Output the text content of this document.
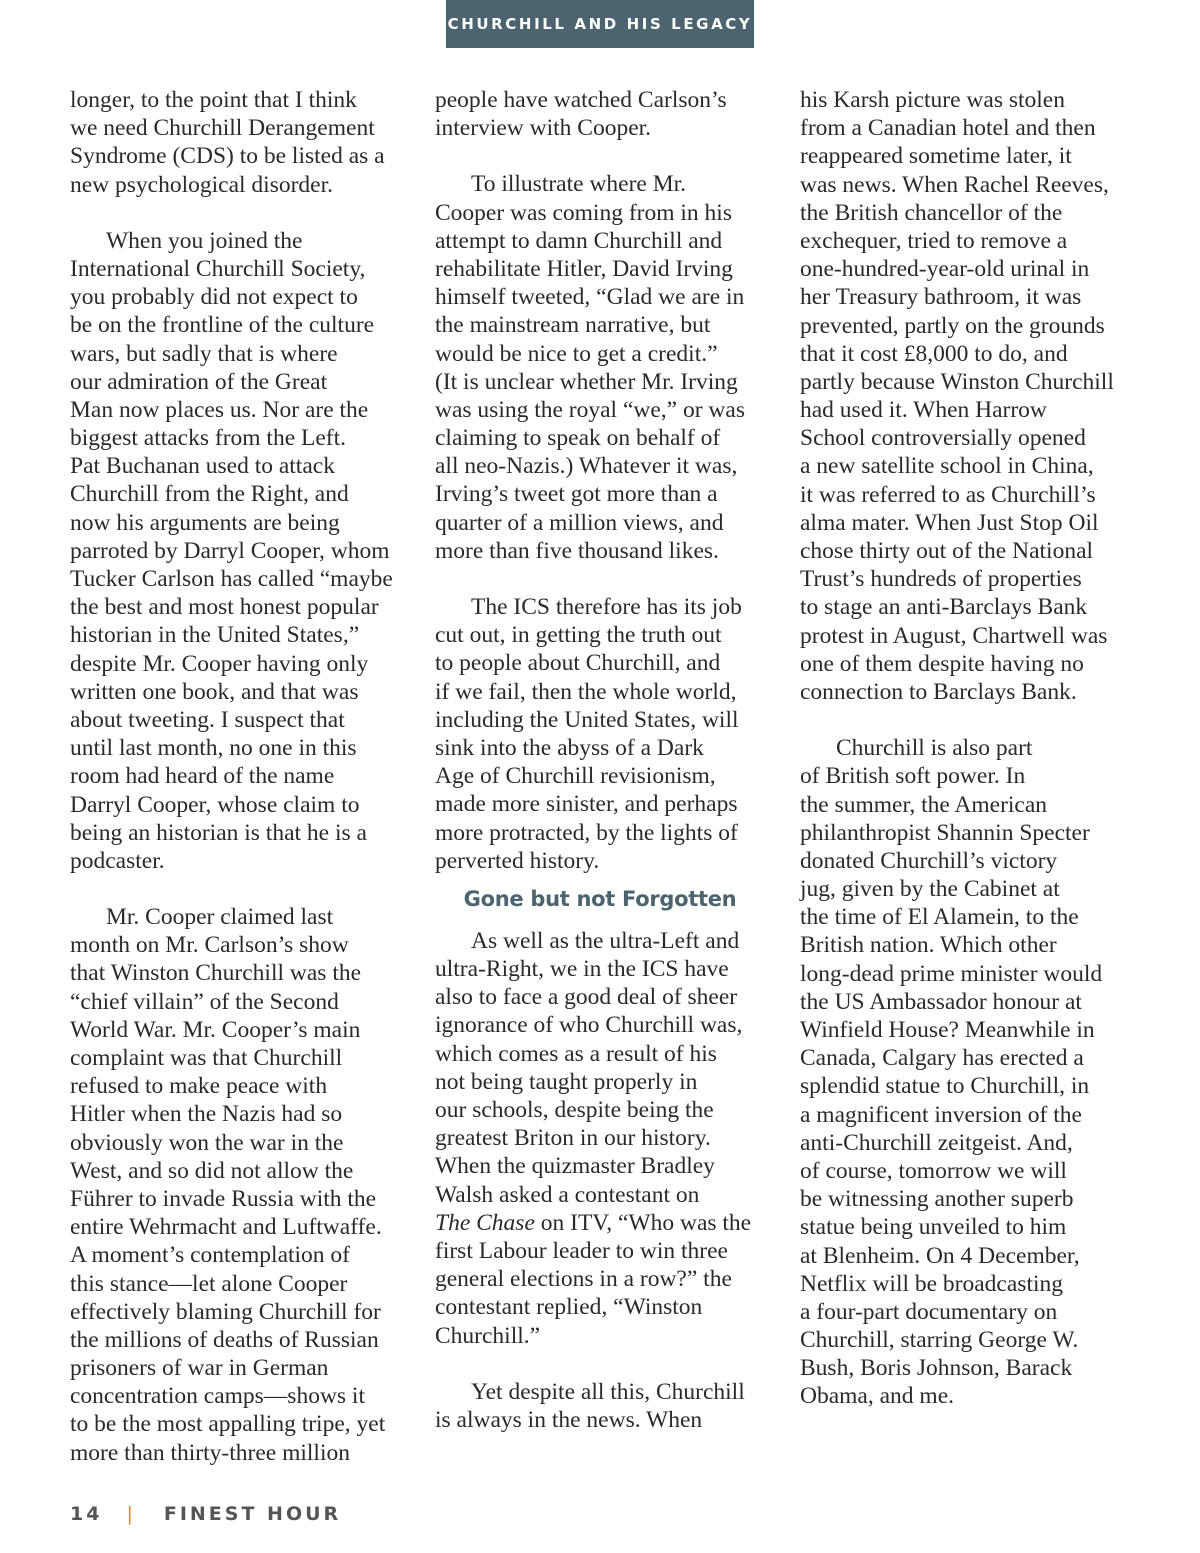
CHURCHILL AND HIS LEGACY
longer, to the point that I think
we need Churchill Derangement
Syndrome (CDS) to be listed as a
new psychological disorder.
When you joined the
International Churchill Society,
you probably did not expect to
be on the frontline of the culture
wars, but sadly that is where
our admiration of the Great
Man now places us. Nor are the
biggest attacks from the Left.
Pat Buchanan used to attack
Churchill from the Right, and
now his arguments are being
parroted by Darryl Cooper, whom
Tucker Carlson has called “maybe
the best and most honest popular
historian in the United States,”
despite Mr. Cooper having only
written one book, and that was
about tweeting. I suspect that
until last month, no one in this
room had heard of the name
Darryl Cooper, whose claim to
being an historian is that he is a
podcaster.
Mr. Cooper claimed last
month on Mr. Carlson’s show
that Winston Churchill was the
“chief villain” of the Second
World War. Mr. Cooper’s main
complaint was that Churchill
refused to make peace with
Hitler when the Nazis had so
obviously won the war in the
West, and so did not allow the
Führer to invade Russia with the
entire Wehrmacht and Luftwaffe.
A moment’s contemplation of
this stance—let alone Cooper
effectively blaming Churchill for
the millions of deaths of Russian
prisoners of war in German
concentration camps—shows it
to be the most appalling tripe, yet
more than thirty-three million
people have watched Carlson’s
interview with Cooper.
To illustrate where Mr.
Cooper was coming from in his
attempt to damn Churchill and
rehabilitate Hitler, David Irving
himself tweeted, “Glad we are in
the mainstream narrative, but
would be nice to get a credit.”
(It is unclear whether Mr. Irving
was using the royal “we,” or was
claiming to speak on behalf of
all neo-Nazis.) Whatever it was,
Irving’s tweet got more than a
quarter of a million views, and
more than five thousand likes.
The ICS therefore has its job
cut out, in getting the truth out
to people about Churchill, and
if we fail, then the whole world,
including the United States, will
sink into the abyss of a Dark
Age of Churchill revisionism,
made more sinister, and perhaps
more protracted, by the lights of
perverted history.
Gone but not Forgotten
As well as the ultra-Left and
ultra-Right, we in the ICS have
also to face a good deal of sheer
ignorance of who Churchill was,
which comes as a result of his
not being taught properly in
our schools, despite being the
greatest Briton in our history.
When the quizmaster Bradley
Walsh asked a contestant on
The Chase on ITV, “Who was the
first Labour leader to win three
general elections in a row?” the
contestant replied, “Winston
Churchill.”
Yet despite all this, Churchill
is always in the news. When
his Karsh picture was stolen
from a Canadian hotel and then
reappeared sometime later, it
was news. When Rachel Reeves,
the British chancellor of the
exchequer, tried to remove a
one-hundred-year-old urinal in
her Treasury bathroom, it was
prevented, partly on the grounds
that it cost £8,000 to do, and
partly because Winston Churchill
had used it. When Harrow
School controversially opened
a new satellite school in China,
it was referred to as Churchill’s
alma mater. When Just Stop Oil
chose thirty out of the National
Trust’s hundreds of properties
to stage an anti-Barclays Bank
protest in August, Chartwell was
one of them despite having no
connection to Barclays Bank.
Churchill is also part
of British soft power. In
the summer, the American
philanthropist Shannin Specter
donated Churchill’s victory
jug, given by the Cabinet at
the time of El Alamein, to the
British nation. Which other
long-dead prime minister would
the US Ambassador honour at
Winfield House? Meanwhile in
Canada, Calgary has erected a
splendid statue to Churchill, in
a magnificent inversion of the
anti-Churchill zeitgeist. And,
of course, tomorrow we will
be witnessing another superb
statue being unveiled to him
at Blenheim. On 4 December,
Netflix will be broadcasting
a four-part documentary on
Churchill, starring George W.
Bush, Boris Johnson, Barack
Obama, and me.
14 | FINEST HOUR
